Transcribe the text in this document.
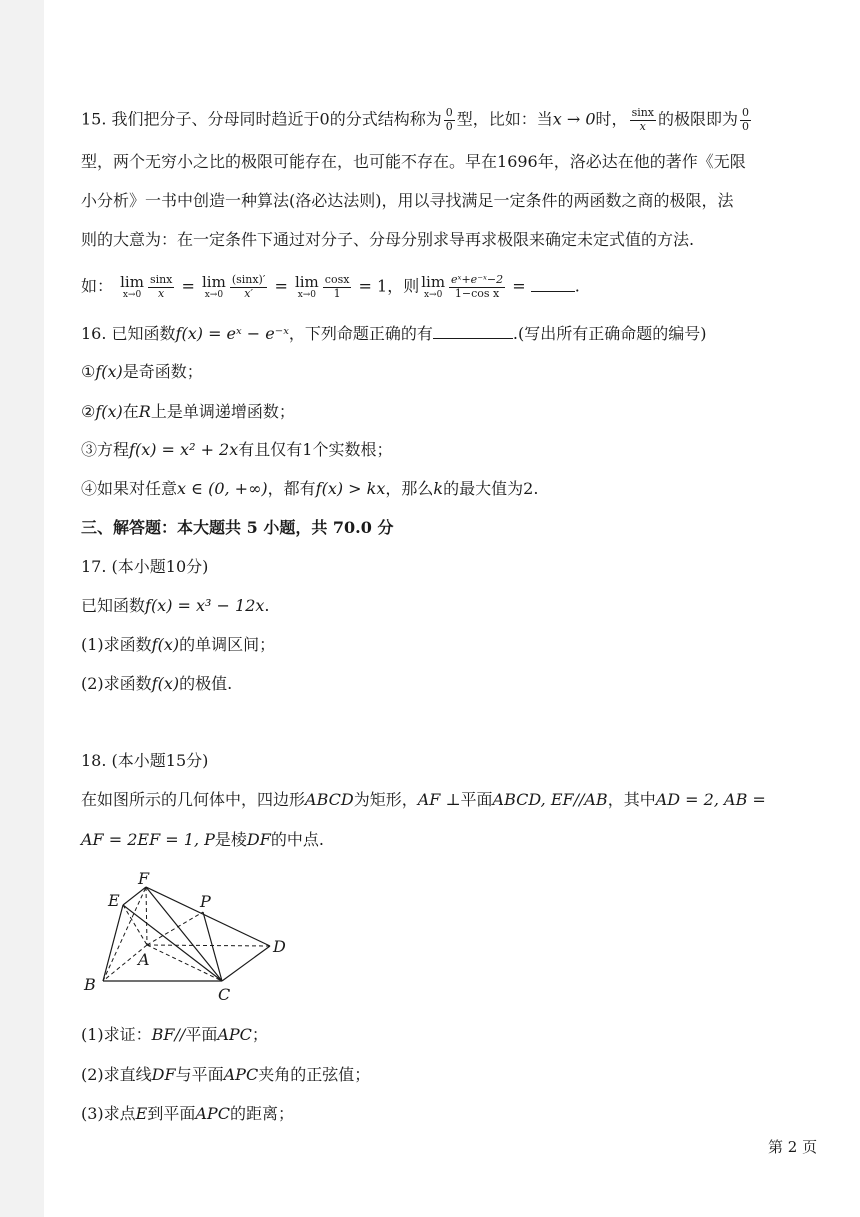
15. 我们把分子、分母同时趋近于0的分式结构称为 $\frac{0}{0}$ 型，比如：当x → 0时， $\frac{\sin x}{x}$ 的极限即为 $\frac{0}{0}$
型，两个无穷小之比的极限可能存在，也可能不存在。早在1696年，洛必达在他的著作《无限
小分析》一书中创造一种算法(洛必达法则)，用以寻找满足一定条件的两函数之商的极限，法
则的大意为：在一定条件下通过对分子、分母分别求导再求极限来确定未定式值的方法.
如： lim
$x\to 0 \frac{\sin x}{x} = \lim$
$x\to 0 \frac{(\sin x)'}{x'} = \lim$
$x\to 0 \frac{\cos x}{1} = 1$，则 lim
$x\to 0 \frac{\text{eˣ+e⁻ˣ−2}}{\text{1−cos x}}$ =	.
16. 已知函数f(x) = eˣ − e⁻ˣ，下列命题正确的有	.(写出所有正确命题的编号)
①f(x)是奇函数；
②f(x)在R上是单调递增函数；
③方程f(x) = x² + 2x有且仅有1个实数根；
④如果对任意x ∈ (0, +∞)，都有f(x) > kx，那么k的最大值为2.
三、解答题：本大题共 5 小题，共 70.0 分
17. (本小题10分)
已知函数f(x) = x³ − 12x.
(1)求函数f(x)的单调区间；
(2)求函数f(x)的极值.
18. (本小题15分)
在如图所示的几何体中，四边形ABCD为矩形，AF ⊥平面ABCD, EF//AB，其中AD = 2, AB =
AF = 2EF = 1, P是棱DF的中点.
F
E	P
A
D
B
C
(1)求证：BF//平面APC；
(2)求直线DF与平面APC夹角的正弦值；
(3)求点E到平面APC的距离；
第 2 页
